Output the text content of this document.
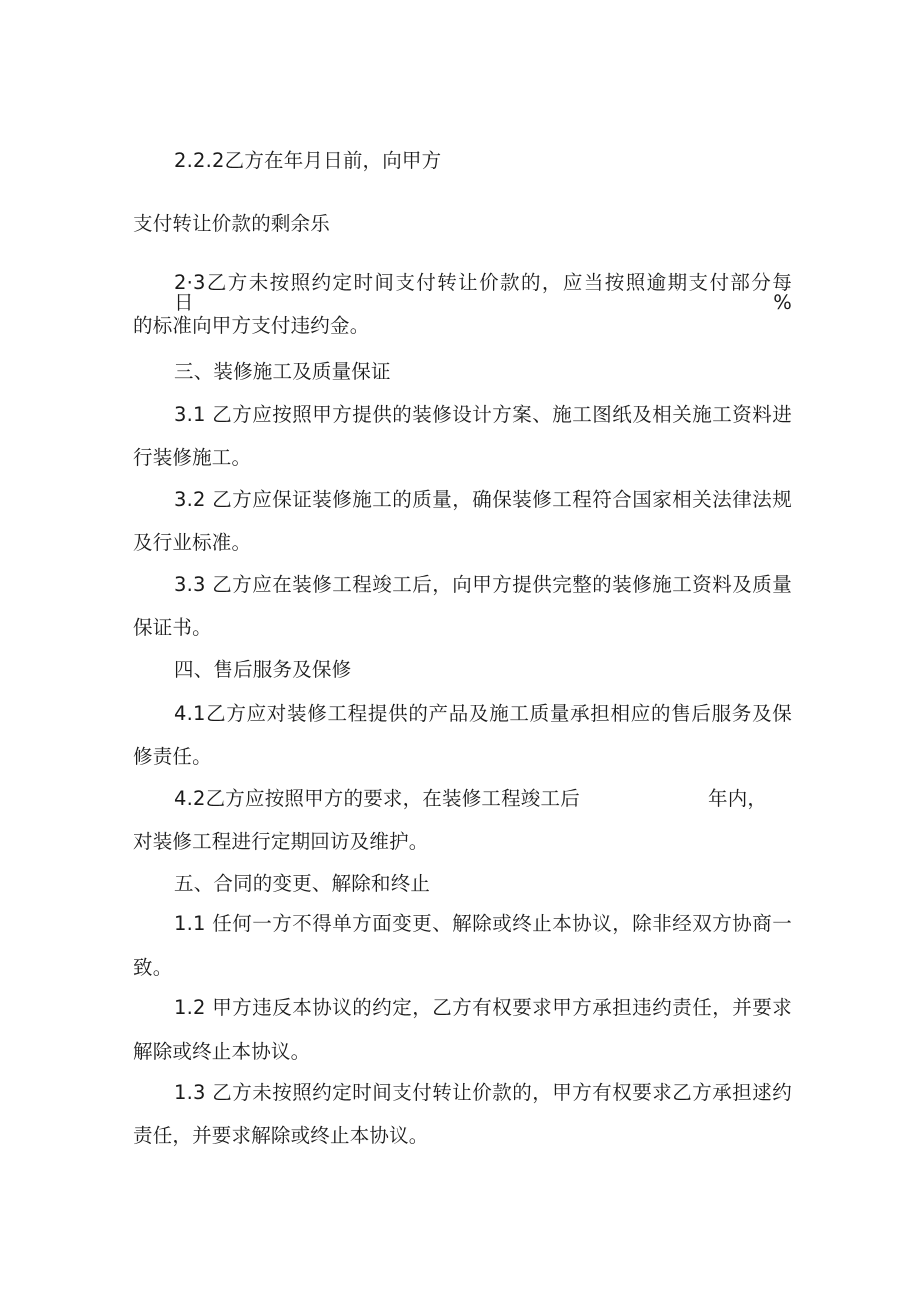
2.2.2乙方在年月日前，向甲方
支付转让价款的剩余乐
2·3乙方未按照约定时间支付转让价款的，应当按照逾期支付部分每日%
的标准向甲方支付违约金。
三、装修施工及质量保证
3.1 乙方应按照甲方提供的装修设计方案、施工图纸及相关施工资料进
行装修施工。
3.2 乙方应保证装修施工的质量，确保装修工程符合国家相关法律法规
及行业标准。
3.3 乙方应在装修工程竣工后，向甲方提供完整的装修施工资料及质量
保证书。
四、售后服务及保修
4.1乙方应对装修工程提供的产品及施工质量承担相应的售后服务及保
修责任。
4.2乙方应按照甲方的要求，在装修工程竣工后	年内，
对装修工程进行定期回访及维护。
五、合同的变更、解除和终止
1.1 任何一方不得单方面变更、解除或终止本协议，除非经双方协商一
致。
1.2 甲方违反本协议的约定，乙方有权要求甲方承担违约责任，并要求
解除或终止本协议。
1.3 乙方未按照约定时间支付转让价款的，甲方有权要求乙方承担逑约
责任，并要求解除或终止本协议。
